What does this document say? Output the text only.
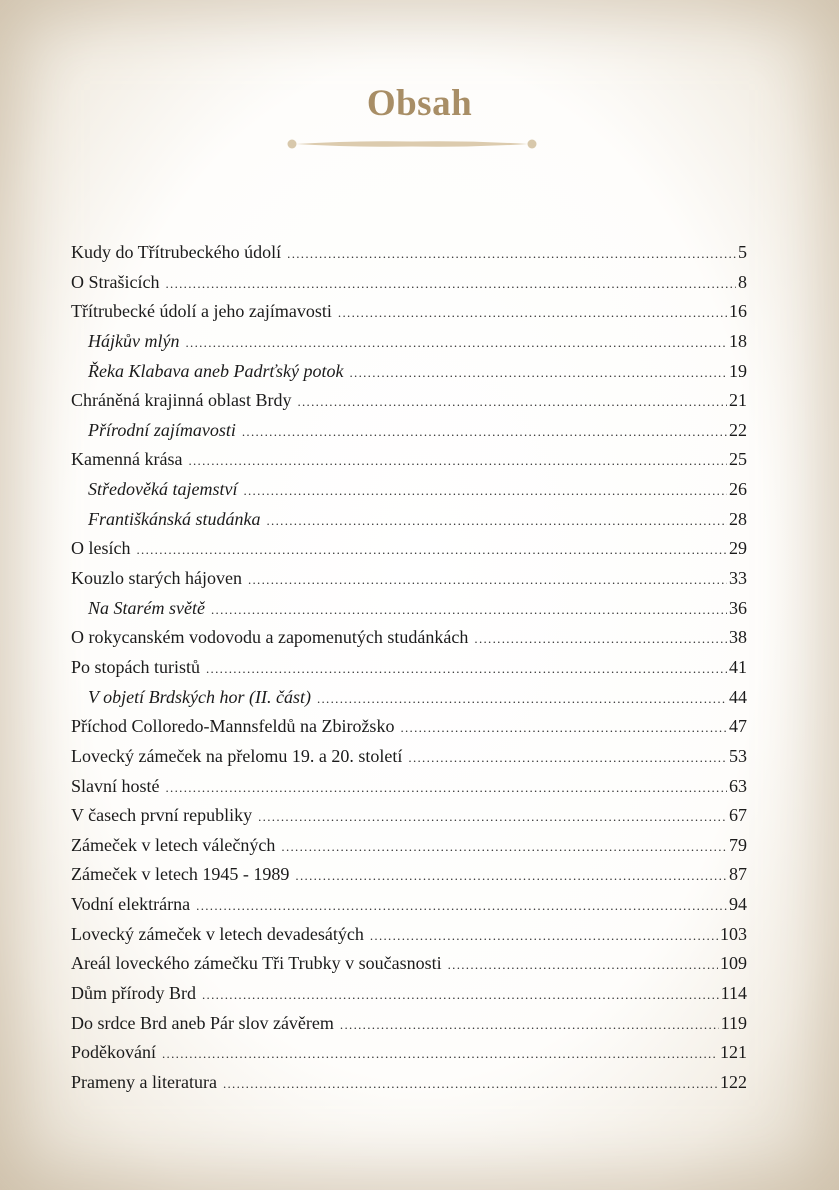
Obsah
Kudy do Třítrubeckého údolí .....	5
O Strašicích .....	8
Třítrubecké údolí a jeho zajímavosti .....	16
Hájkův mlýn .....	18
Řeka Klabava aneb Padrťský potok .....	19
Chráněná krajinná oblast Brdy .....	21
Přírodní zajímavosti .....	22
Kamenná krása .....	25
Středověká tajemství .....	26
Františkánská studánka .....	28
O lesích .....	29
Kouzlo starých hájoven .....	33
Na Starém světě .....	36
O rokycanském vodovodu a zapomenutých studánkách .....	38
Po stopách turistů .....	41
V objetí Brdských hor (II. část) .....	44
Příchod Colloredo-Mannsfeldů na Zbirožsko .....	47
Lovecký zámeček na přelomu 19. a 20. století .....	53
Slavní hosté .....	63
V časech první republiky .....	67
Zámeček v letech válečných .....	79
Zámeček v letech 1945 - 1989 .....	87
Vodní elektrárna .....	94
Lovecký zámeček v letech devadesátých .....	103
Areál loveckého zámečku Tři Trubky v současnosti .....	109
Dům přírody Brd .....	114
Do srdce Brd aneb Pár slov závěrem .....	119
Poděkování .....	121
Prameny a literatura .....	122
